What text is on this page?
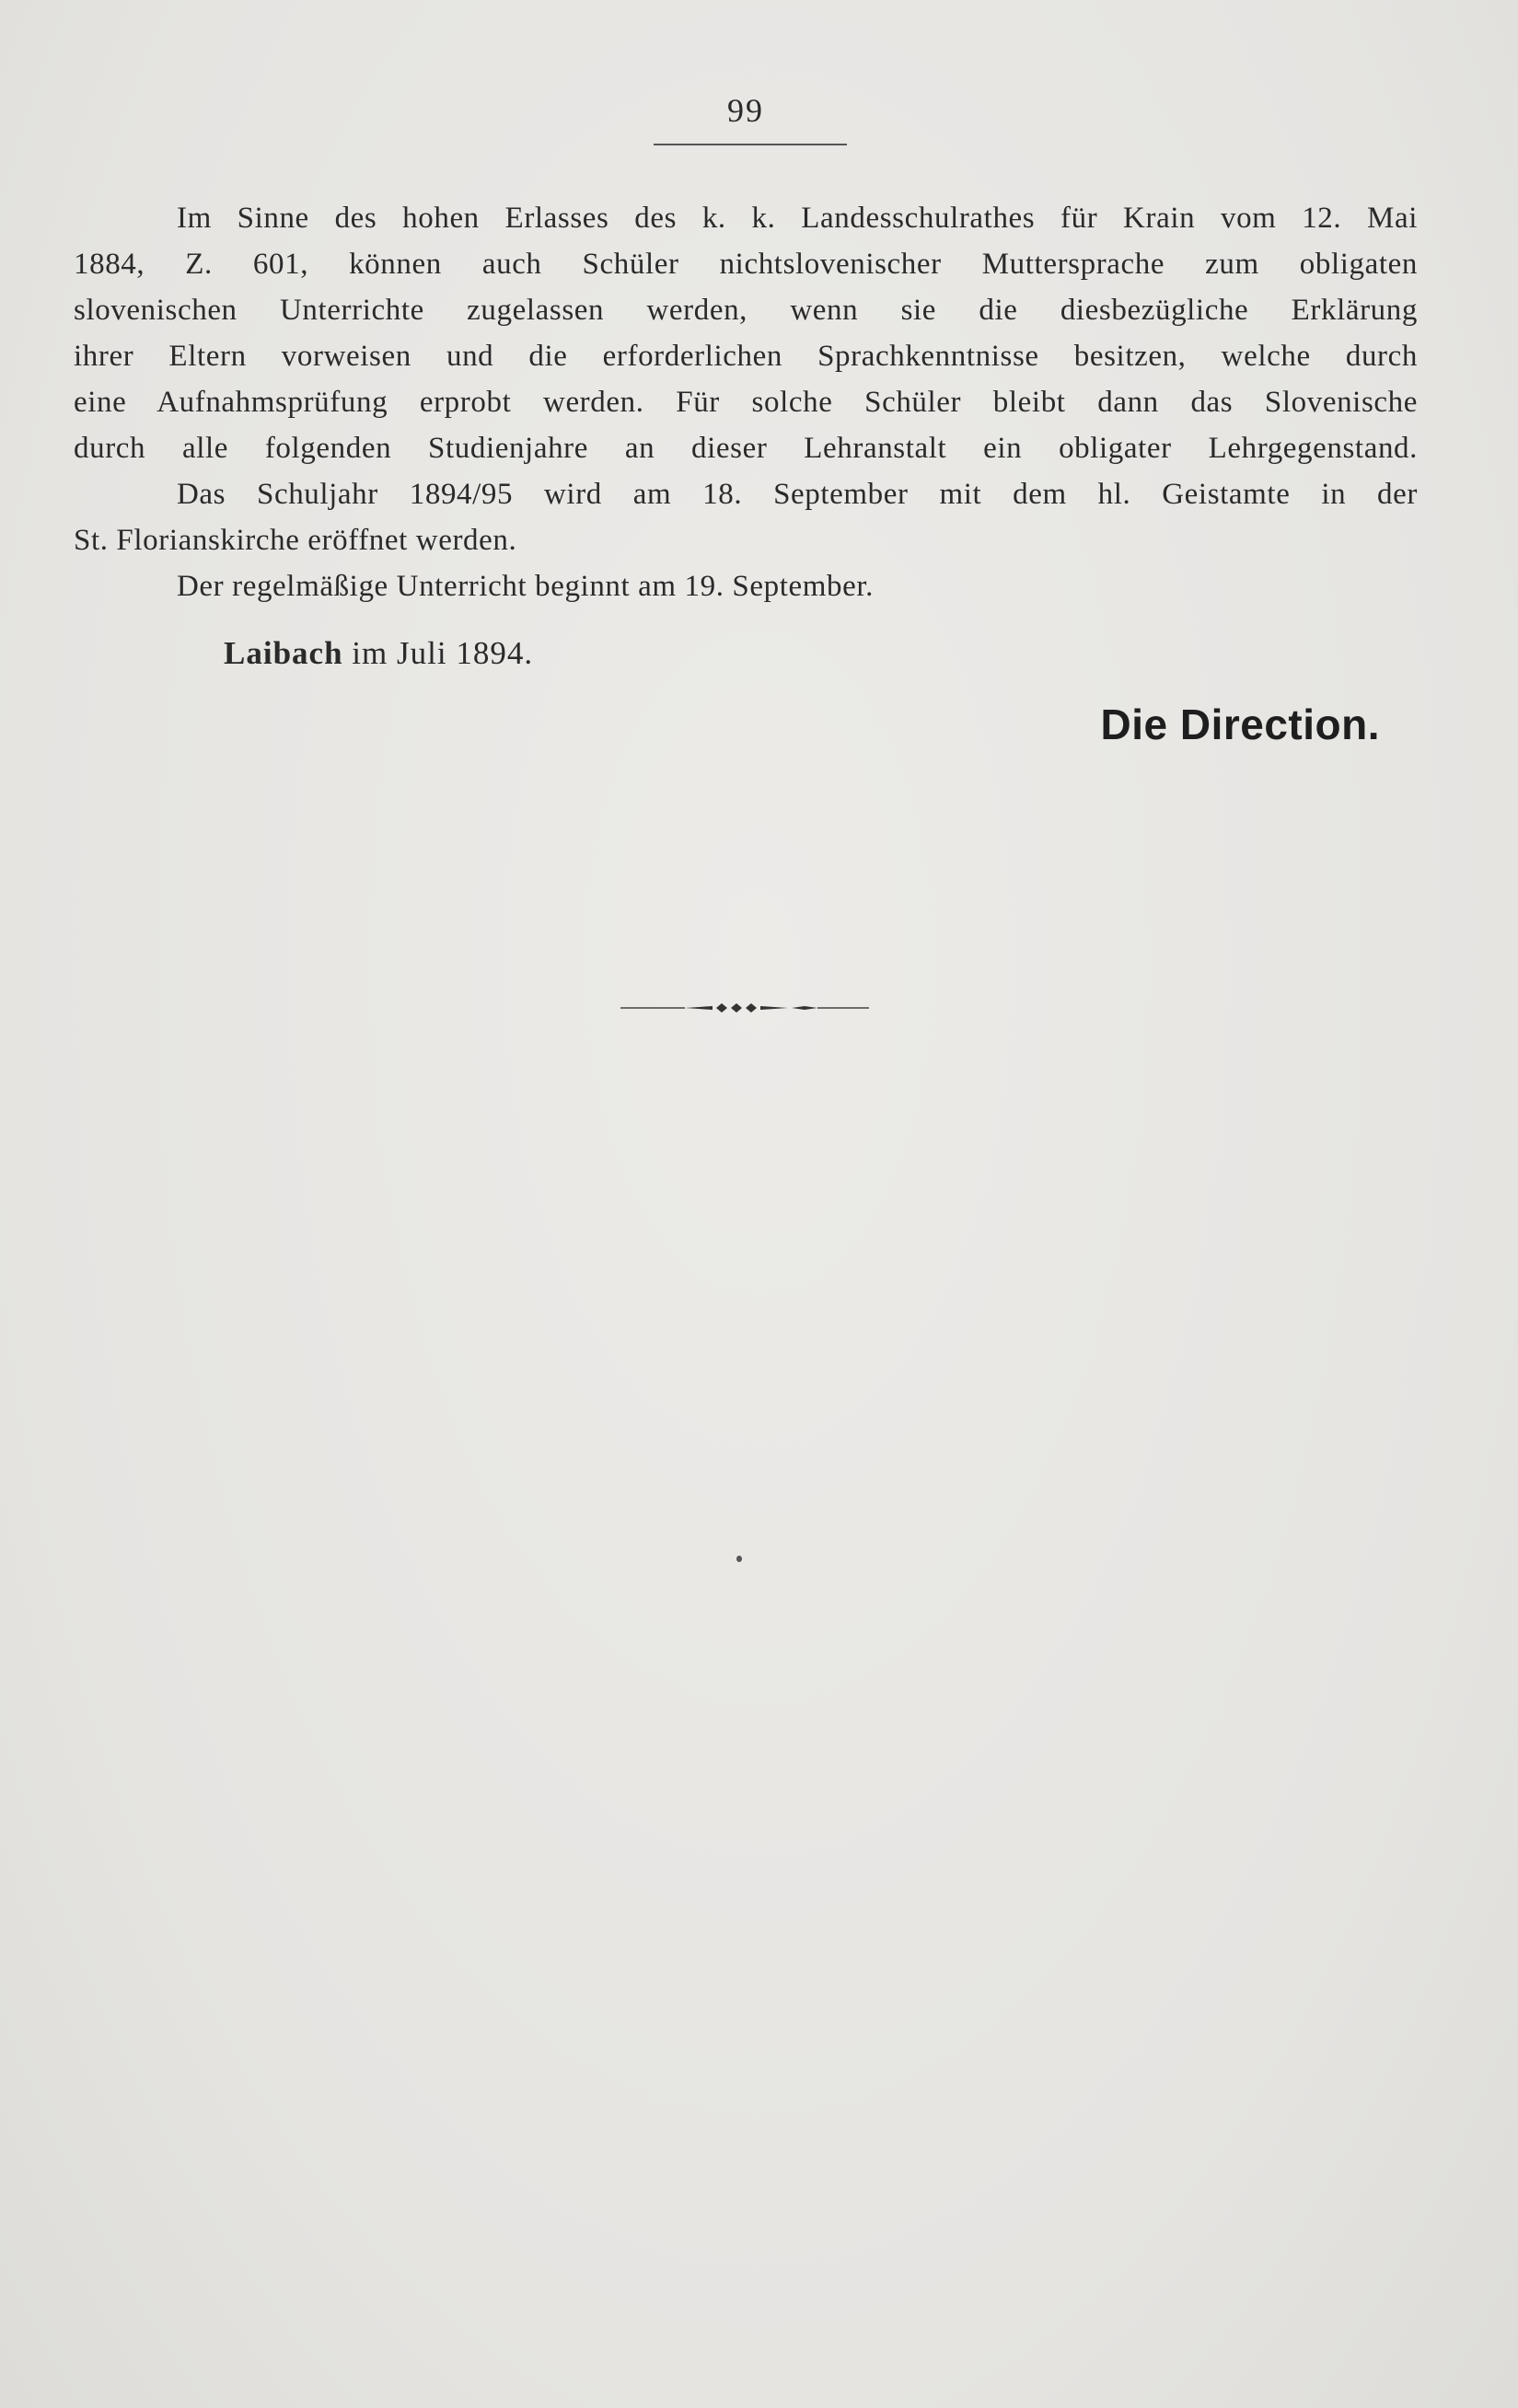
99
Im Sinne des hohen Erlasses des k. k. Landesschulrathes für Krain vom 12. Mai
1884, Z. 601, können auch Schüler nichtslovenischer Muttersprache zum obligaten
slovenischen Unterrichte zugelassen werden, wenn sie die diesbezügliche Erklärung
ihrer Eltern vorweisen und die erforderlichen Sprachkenntnisse besitzen, welche durch
eine Aufnahmsprüfung erprobt werden. Für solche Schüler bleibt dann das Slovenische
durch alle folgenden Studienjahre an dieser Lehranstalt ein obligater Lehrgegenstand.
Das Schuljahr 1894/95 wird am 18. September mit dem hl. Geistamte in der
St. Florianskirche eröffnet werden.
Der regelmäßige Unterricht beginnt am 19. September.
Laibach im Juli 1894.
Die Direction.
